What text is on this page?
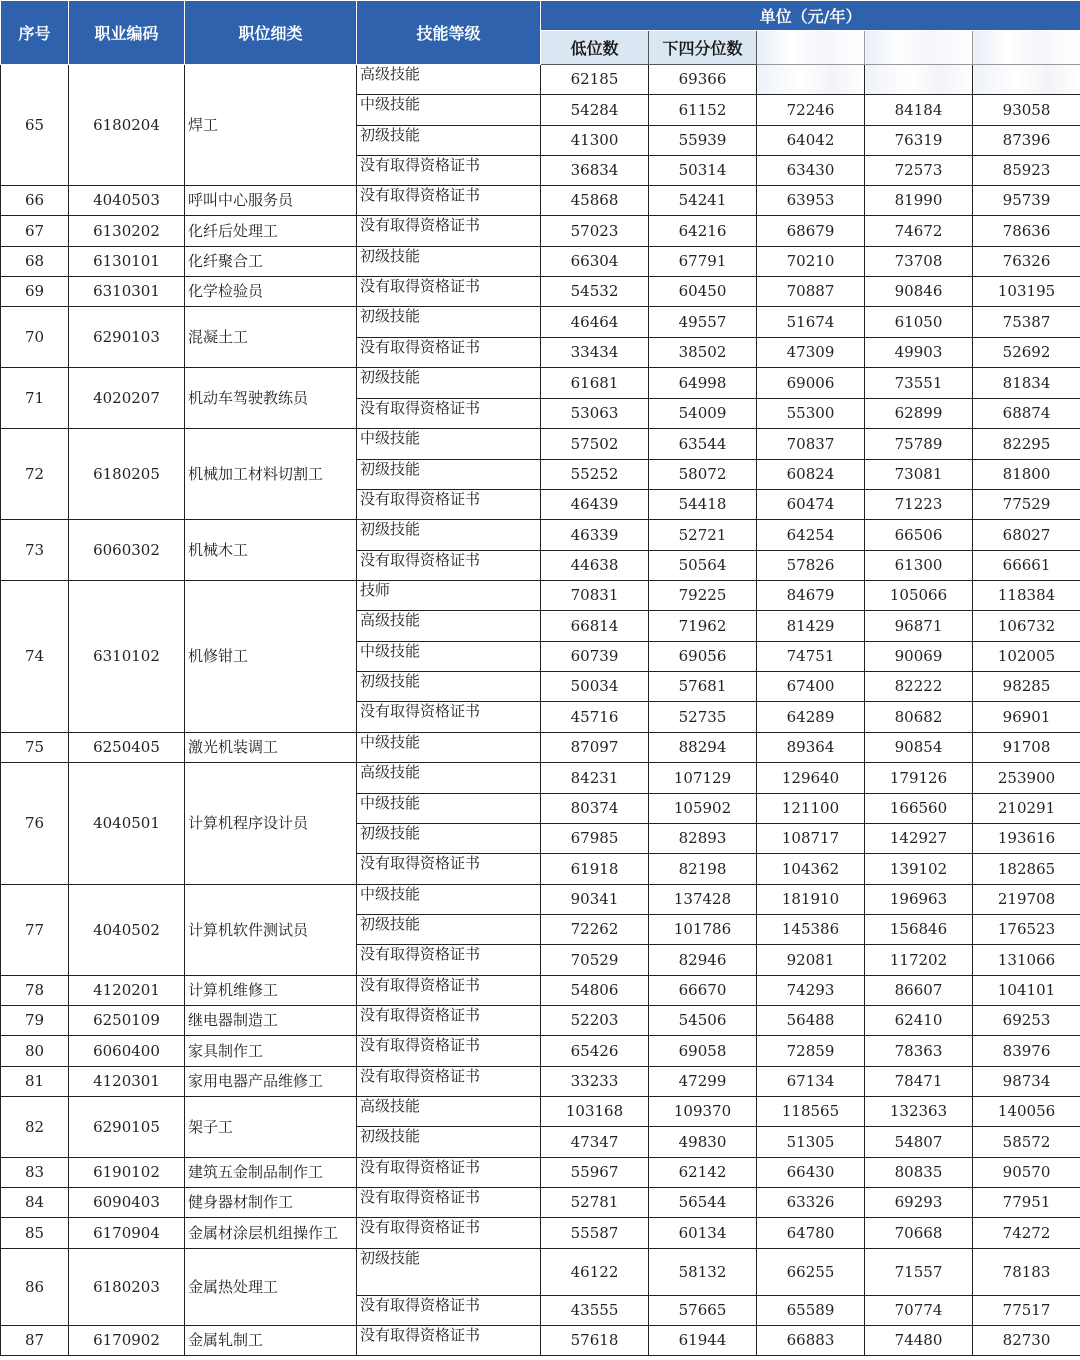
序号	职业编码	职位细类	技能等级	单位（元/年）				
				低位数	下四分位数			
65	6180204	焊工	高级技能	62185	69366			
			中级技能	54284	61152	72246	84184	93058
			初级技能	41300	55939	64042	76319	87396
			没有取得资格证书	36834	50314	63430	72573	85923
66	4040503	呼叫中心服务员	没有取得资格证书	45868	54241	63953	81990	95739
67	6130202	化纤后处理工	没有取得资格证书	57023	64216	68679	74672	78636
68	6130101	化纤聚合工	初级技能	66304	67791	70210	73708	76326
69	6310301	化学检验员	没有取得资格证书	54532	60450	70887	90846	103195
70	6290103	混凝土工	初级技能	46464	49557	51674	61050	75387
			没有取得资格证书	33434	38502	47309	49903	52692
71	4020207	机动车驾驶教练员	初级技能	61681	64998	69006	73551	81834
			没有取得资格证书	53063	54009	55300	62899	68874
72	6180205	机械加工材料切割工	中级技能	57502	63544	70837	75789	82295
			初级技能	55252	58072	60824	73081	81800
			没有取得资格证书	46439	54418	60474	71223	77529
73	6060302	机械木工	初级技能	46339	52721	64254	66506	68027
			没有取得资格证书	44638	50564	57826	61300	66661
74	6310102	机修钳工	技师	70831	79225	84679	105066	118384
			高级技能	66814	71962	81429	96871	106732
			中级技能	60739	69056	74751	90069	102005
			初级技能	50034	57681	67400	82222	98285
			没有取得资格证书	45716	52735	64289	80682	96901
75	6250405	激光机装调工	中级技能	87097	88294	89364	90854	91708
76	4040501	计算机程序设计员	高级技能	84231	107129	129640	179126	253900
			中级技能	80374	105902	121100	166560	210291
			初级技能	67985	82893	108717	142927	193616
			没有取得资格证书	61918	82198	104362	139102	182865
77	4040502	计算机软件测试员	中级技能	90341	137428	181910	196963	219708
			初级技能	72262	101786	145386	156846	176523
			没有取得资格证书	70529	82946	92081	117202	131066
78	4120201	计算机维修工	没有取得资格证书	54806	66670	74293	86607	104101
79	6250109	继电器制造工	没有取得资格证书	52203	54506	56488	62410	69253
80	6060400	家具制作工	没有取得资格证书	65426	69058	72859	78363	83976
81	4120301	家用电器产品维修工	没有取得资格证书	33233	47299	67134	78471	98734
82	6290105	架子工	高级技能	103168	109370	118565	132363	140056
			初级技能	47347	49830	51305	54807	58572
83	6190102	建筑五金制品制作工	没有取得资格证书	55967	62142	66430	80835	90570
84	6090403	健身器材制作工	没有取得资格证书	52781	56544	63326	69293	77951
85	6170904	金属材涂层机组操作工	没有取得资格证书	55587	60134	64780	70668	74272
86	6180203	金属热处理工	初级技能	46122	58132	66255	71557	78183
			没有取得资格证书	43555	57665	65589	70774	77517
87	6170902	金属轧制工	没有取得资格证书	57618	61944	66883	74480	82730
